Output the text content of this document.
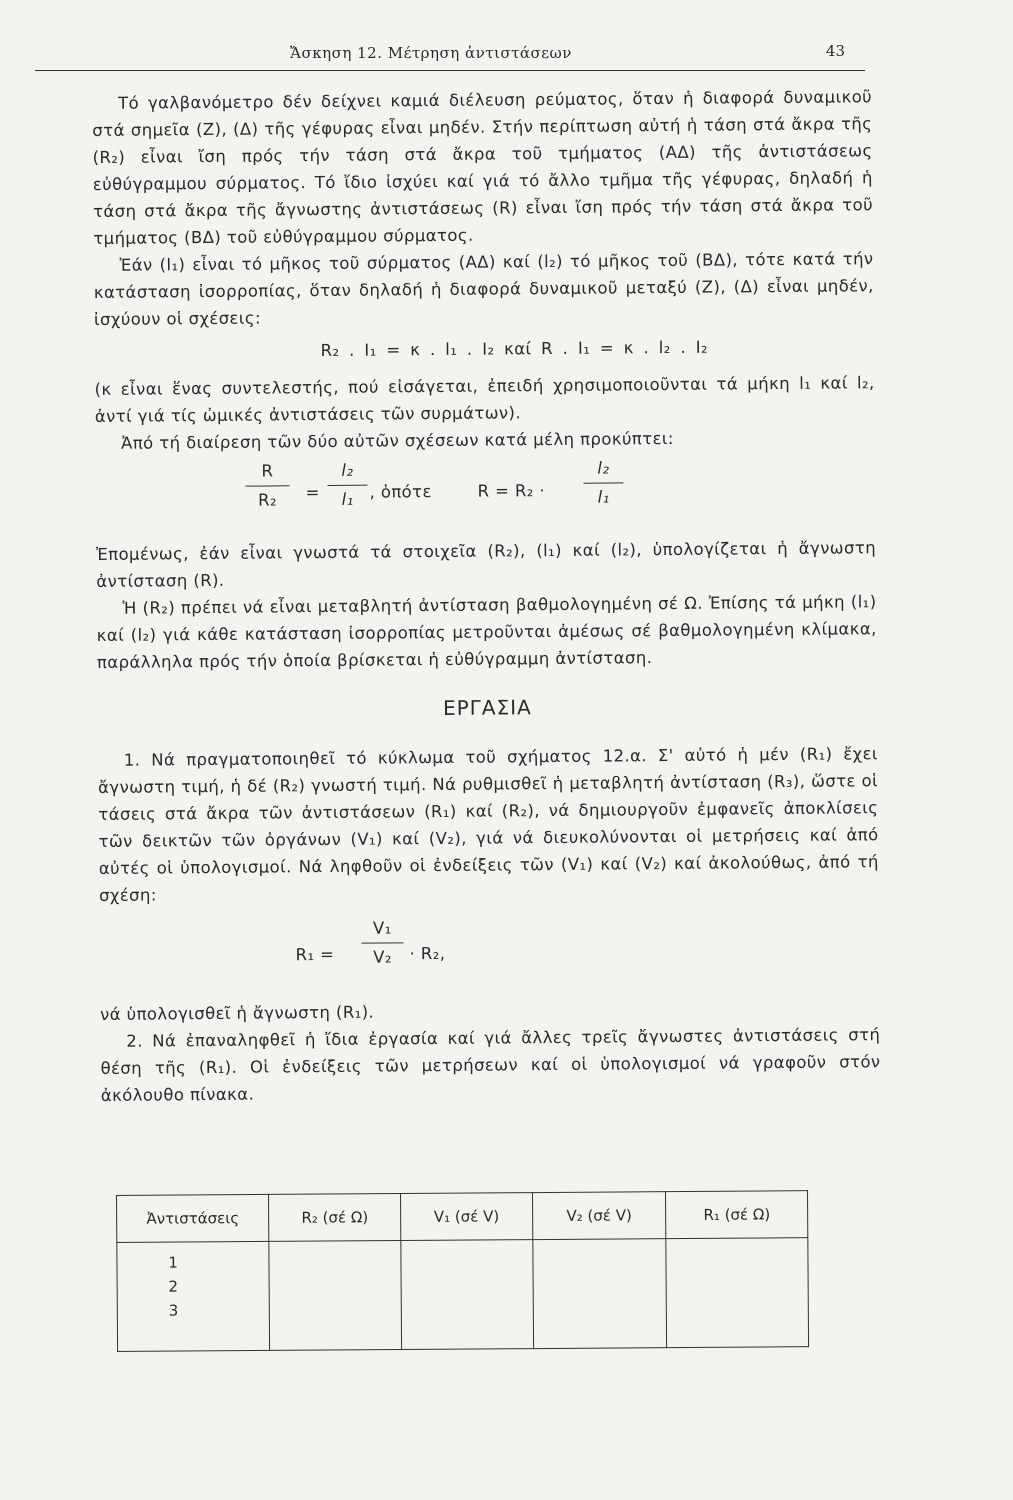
Ἄσκηση 12. Μέτρηση ἀντιστάσεων	43

Τό γαλβανόμετρο δέν δείχνει καμιά διέλευση ρεύματος, ὅταν ἡ διαφορά δυναμικοῦ στά σημεῖα (Ζ), (Δ) τῆς γέφυρας εἶναι μηδέν. Στήν περίπτωση αὐτή ἡ τάση στά ἄκρα τῆς (R₂) εἶναι ἴση πρός τήν τάση στά ἄκρα τοῦ τμήματος (ΑΔ) τῆς ἀντιστάσεως εὐθύγραμμου σύρματος. Τό ἴδιο ἰσχύει καί γιά τό ἄλλο τμῆμα τῆς γέφυρας, δηλαδή ἡ τάση στά ἄκρα τῆς ἄγνωστης ἀντιστάσεως (R) εἶναι ἴση πρός τήν τάση στά ἄκρα τοῦ τμήματος (ΒΔ) τοῦ εὐθύγραμμου σύρματος.

Ἐάν (l₁) εἶναι τό μῆκος τοῦ σύρματος (ΑΔ) καί (l₂) τό μῆκος τοῦ (ΒΔ), τότε κατά τήν κατάσταση ἰσορροπίας, ὅταν δηλαδή ἡ διαφορά δυναμικοῦ μεταξύ (Ζ), (Δ) εἶναι μηδέν, ἰσχύουν οἱ σχέσεις:

R₂ . I₁ = κ . l₁ . I₂ καί R . I₁ = κ . l₂ . I₂

(κ εἶναι ἕνας συντελεστής, πού εἰσάγεται, ἐπειδή χρησιμοποιοῦνται τά μήκη l₁ καί l₂, ἀντί γιά τίς ὠμικές ἀντιστάσεις τῶν συρμάτων).

Ἀπό τή διαίρεση τῶν δύο αὐτῶν σχέσεων κατά μέλη προκύπτει:

R
R₂	=
l₂
l₁ , ὁπότε	R = R₂ ·
l₂
l₁

Ἐπομένως, ἐάν εἶναι γνωστά τά στοιχεῖα (R₂), (l₁) καί (l₂), ὑπολογίζεται ἡ ἄγνωστη ἀντίσταση (R).

Ἡ (R₂) πρέπει νά εἶναι μεταβλητή ἀντίσταση βαθμολογημένη σέ Ω. Ἐπίσης τά μήκη (l₁) καί (l₂) γιά κάθε κατάσταση ἰσορροπίας μετροῦνται ἀμέσως σέ βαθμολογημένη κλίμακα, παράλληλα πρός τήν ὁποία βρίσκεται ἡ εὐθύγραμμη ἀντίσταση.

ΕΡΓΑΣΙΑ

1. Νά πραγματοποιηθεῖ τό κύκλωμα τοῦ σχήματος 12.α. Σ' αὐτό ἡ μέν (R₁) ἔχει ἄγνωστη τιμή, ἡ δέ (R₂) γνωστή τιμή. Νά ρυθμισθεῖ ἡ μεταβλητή ἀντίσταση (R₃), ὥστε οἱ τάσεις στά ἄκρα τῶν ἀντιστάσεων (R₁) καί (R₂), νά δημιουργοῦν ἐμφανεῖς ἀποκλίσεις τῶν δεικτῶν τῶν ὀργάνων (V₁) καί (V₂), γιά νά διευκολύνονται οἱ μετρήσεις καί ἀπό αὐτές οἱ ὑπολογισμοί. Νά ληφθοῦν οἱ ἐνδείξεις τῶν (V₁) καί (V₂) καί ἀκολούθως, ἀπό τή σχέση:

R₁ =
V₁
V₂	· R₂,

νά ὑπολογισθεῖ ἡ ἄγνωστη (R₁).

2. Νά ἐπαναληφθεῖ ἡ ἴδια ἐργασία καί γιά ἄλλες τρεῖς ἄγνωστες ἀντιστάσεις στή θέση τῆς (R₁). Οἱ ἐνδείξεις τῶν μετρήσεων καί οἱ ὑπολογισμοί νά γραφοῦν στόν ἀκόλουθο πίνακα.

Ἀντιστάσεις	R₂ (σέ Ω)	V₁ (σέ V)	V₂ (σέ V)	R₁ (σέ Ω)

1
2
3				
